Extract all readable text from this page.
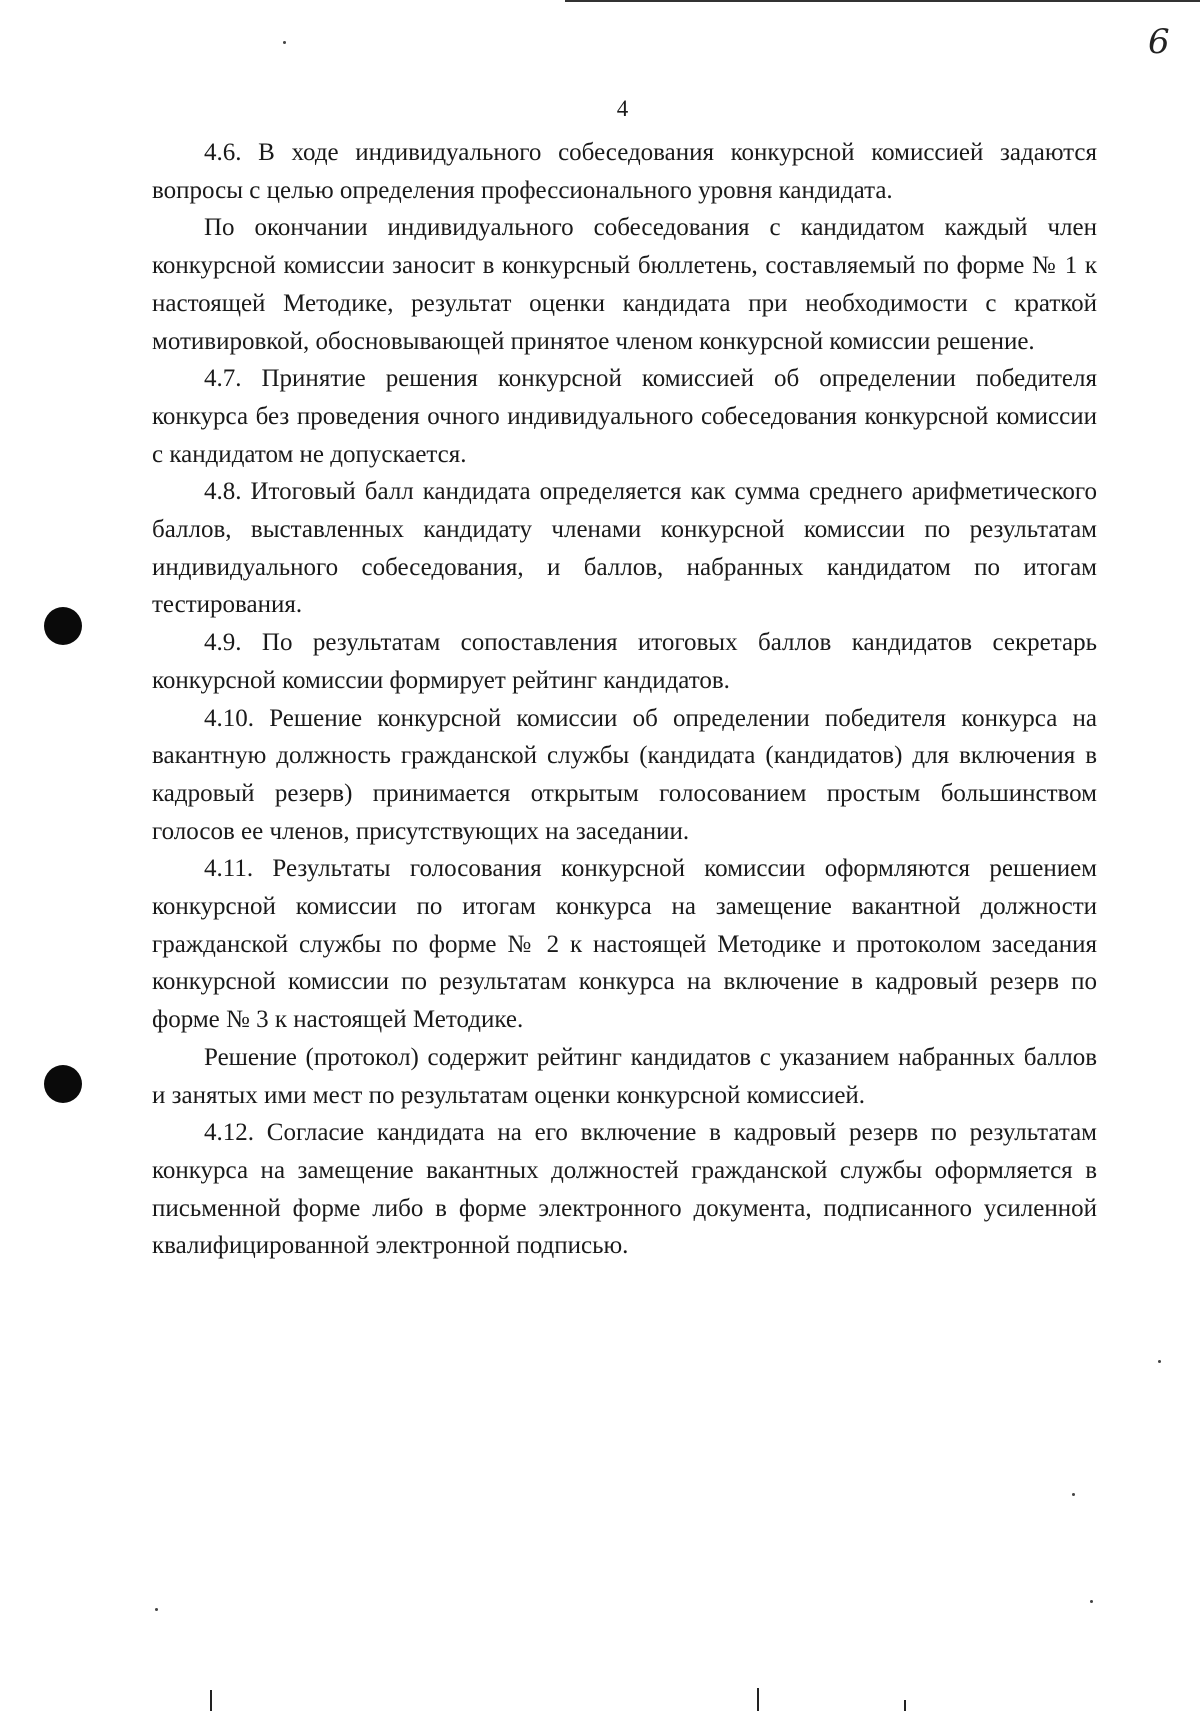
6
4

4.6. В ходе индивидуального собеседования конкурсной комиссией задаются вопросы с целью определения профессионального уровня кандидата.

По окончании индивидуального собеседования с кандидатом каждый член конкурсной комиссии заносит в конкурсный бюллетень, составляемый по форме № 1 к настоящей Методике, результат оценки кандидата при необходимости с краткой мотивировкой, обосновывающей принятое членом конкурсной комиссии решение.

4.7. Принятие решения конкурсной комиссией об определении победителя конкурса без проведения очного индивидуального собеседования конкурсной комиссии с кандидатом не допускается.

4.8. Итоговый балл кандидата определяется как сумма среднего арифметического баллов, выставленных кандидату членами конкурсной комиссии по результатам индивидуального собеседования, и баллов, набранных кандидатом по итогам тестирования.

4.9. По результатам сопоставления итоговых баллов кандидатов секретарь конкурсной комиссии формирует рейтинг кандидатов.

4.10. Решение конкурсной комиссии об определении победителя конкурса на вакантную должность гражданской службы (кандидата (кандидатов) для включения в кадровый резерв) принимается открытым голосованием простым большинством голосов ее членов, присутствующих на заседании.

4.11. Результаты голосования конкурсной комиссии оформляются решением конкурсной комиссии по итогам конкурса на замещение вакантной должности гражданской службы по форме № 2 к настоящей Методике и протоколом заседания конкурсной комиссии по результатам конкурса на включение в кадровый резерв по форме № 3 к настоящей Методике.

Решение (протокол) содержит рейтинг кандидатов с указанием набранных баллов и занятых ими мест по результатам оценки конкурсной комиссией.

4.12. Согласие кандидата на его включение в кадровый резерв по результатам конкурса на замещение вакантных должностей гражданской службы оформляется в письменной форме либо в форме электронного документа, подписанного усиленной квалифицированной электронной подписью.
